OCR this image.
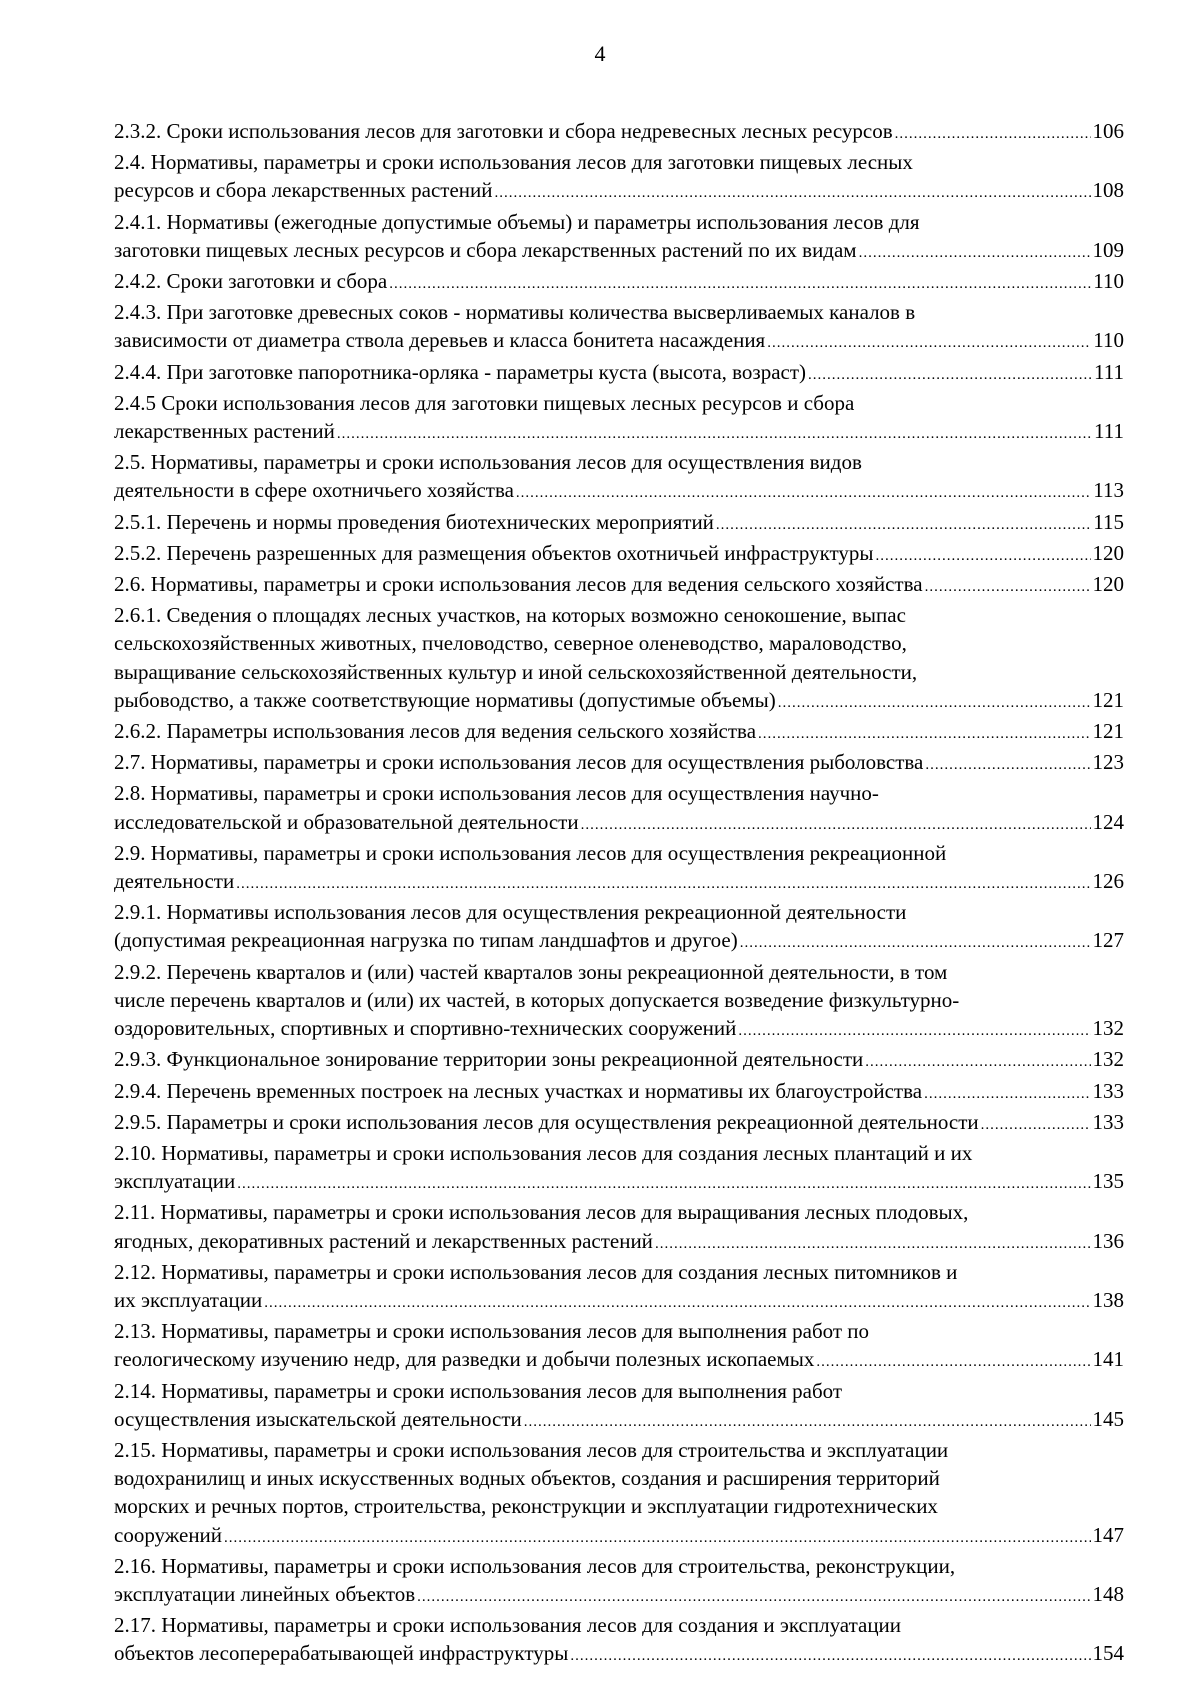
4
2.3.2. Сроки использования лесов для заготовки и сбора недревесных лесных ресурсов .....	106
2.4. Нормативы, параметры и сроки использования лесов для заготовки пищевых лесных
ресурсов и сбора лекарственных растений .....	108
2.4.1. Нормативы (ежегодные допустимые объемы) и параметры использования лесов для
заготовки пищевых лесных ресурсов и сбора лекарственных растений по их видам .....	109
2.4.2. Сроки заготовки и сбора .....	110
2.4.3. При заготовке древесных соков - нормативы количества высверливаемых каналов в
зависимости от диаметра ствола деревьев и класса бонитета насаждения .....	110
2.4.4. При заготовке папоротника-орляка - параметры куста (высота, возраст) .....	111
2.4.5 Сроки использования лесов для заготовки пищевых лесных ресурсов и сбора
лекарственных растений .....	111
2.5. Нормативы, параметры и сроки использования лесов для осуществления видов
деятельности в сфере охотничьего хозяйства .....	113
2.5.1. Перечень и нормы проведения биотехнических мероприятий .....	115
2.5.2. Перечень разрешенных для размещения объектов охотничьей инфраструктуры .....	120
2.6. Нормативы, параметры и сроки использования лесов для ведения сельского хозяйства .....	120
2.6.1. Сведения о площадях лесных участков, на которых возможно сенокошение, выпас
сельскохозяйственных животных, пчеловодство, северное оленеводство, мараловодство,
выращивание сельскохозяйственных культур и иной сельскохозяйственной деятельности,
рыбоводство, а также соответствующие нормативы (допустимые объемы) .....	121
2.6.2. Параметры использования лесов для ведения сельского хозяйства .....	121
2.7. Нормативы, параметры и сроки использования лесов для осуществления рыболовства .....	123
2.8. Нормативы, параметры и сроки использования лесов для осуществления научно-
исследовательской и образовательной деятельности .....	124
2.9. Нормативы, параметры и сроки использования лесов для осуществления рекреационной
деятельности .....	126
2.9.1. Нормативы использования лесов для осуществления рекреационной деятельности
(допустимая рекреационная нагрузка по типам ландшафтов и другое) .....	127
2.9.2. Перечень кварталов и (или) частей кварталов зоны рекреационной деятельности, в том
числе перечень кварталов и (или) их частей, в которых допускается возведение физкультурно-
оздоровительных, спортивных и спортивно-технических сооружений .....	132
2.9.3. Функциональное зонирование территории зоны рекреационной деятельности .....	132
2.9.4. Перечень временных построек на лесных участках и нормативы их благоустройства .....	133
2.9.5. Параметры и сроки использования лесов для осуществления рекреационной деятельности .....	133
2.10. Нормативы, параметры и сроки использования лесов для создания лесных плантаций и их
эксплуатации .....	135
2.11. Нормативы, параметры и сроки использования лесов для выращивания лесных плодовых,
ягодных, декоративных растений и лекарственных растений .....	136
2.12. Нормативы, параметры и сроки использования лесов для создания лесных питомников и
их эксплуатации .....	138
2.13. Нормативы, параметры и сроки использования лесов для выполнения работ по
геологическому изучению недр, для разведки и добычи полезных ископаемых .....	141
2.14. Нормативы, параметры и сроки использования лесов для выполнения работ
осуществления изыскательской деятельности .....	145
2.15. Нормативы, параметры и сроки использования лесов для строительства и эксплуатации
водохранилищ и иных искусственных водных объектов, создания и расширения территорий
морских и речных портов, строительства, реконструкции и эксплуатации гидротехнических
сооружений .....	147
2.16. Нормативы, параметры и сроки использования лесов для строительства, реконструкции,
эксплуатации линейных объектов .....	148
2.17. Нормативы, параметры и сроки использования лесов для создания и эксплуатации
объектов лесоперерабатывающей инфраструктуры .....	154
